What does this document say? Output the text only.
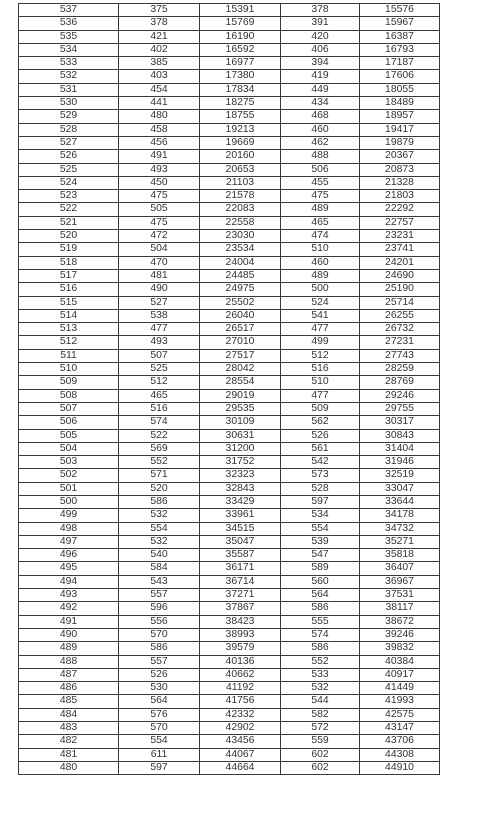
537	375	15391	378	15576
536	378	15769	391	15967
535	421	16190	420	16387
534	402	16592	406	16793
533	385	16977	394	17187
532	403	17380	419	17606
531	454	17834	449	18055
530	441	18275	434	18489
529	480	18755	468	18957
528	458	19213	460	19417
527	456	19669	462	19879
526	491	20160	488	20367
525	493	20653	506	20873
524	450	21103	455	21328
523	475	21578	475	21803
522	505	22083	489	22292
521	475	22558	465	22757
520	472	23030	474	23231
519	504	23534	510	23741
518	470	24004	460	24201
517	481	24485	489	24690
516	490	24975	500	25190
515	527	25502	524	25714
514	538	26040	541	26255
513	477	26517	477	26732
512	493	27010	499	27231
511	507	27517	512	27743
510	525	28042	516	28259
509	512	28554	510	28769
508	465	29019	477	29246
507	516	29535	509	29755
506	574	30109	562	30317
505	522	30631	526	30843
504	569	31200	561	31404
503	552	31752	542	31946
502	571	32323	573	32519
501	520	32843	528	33047
500	586	33429	597	33644
499	532	33961	534	34178
498	554	34515	554	34732
497	532	35047	539	35271
496	540	35587	547	35818
495	584	36171	589	36407
494	543	36714	560	36967
493	557	37271	564	37531
492	596	37867	586	38117
491	556	38423	555	38672
490	570	38993	574	39246
489	586	39579	586	39832
488	557	40136	552	40384
487	526	40662	533	40917
486	530	41192	532	41449
485	564	41756	544	41993
484	576	42332	582	42575
483	570	42902	572	43147
482	554	43456	559	43706
481	611	44067	602	44308
480	597	44664	602	44910
